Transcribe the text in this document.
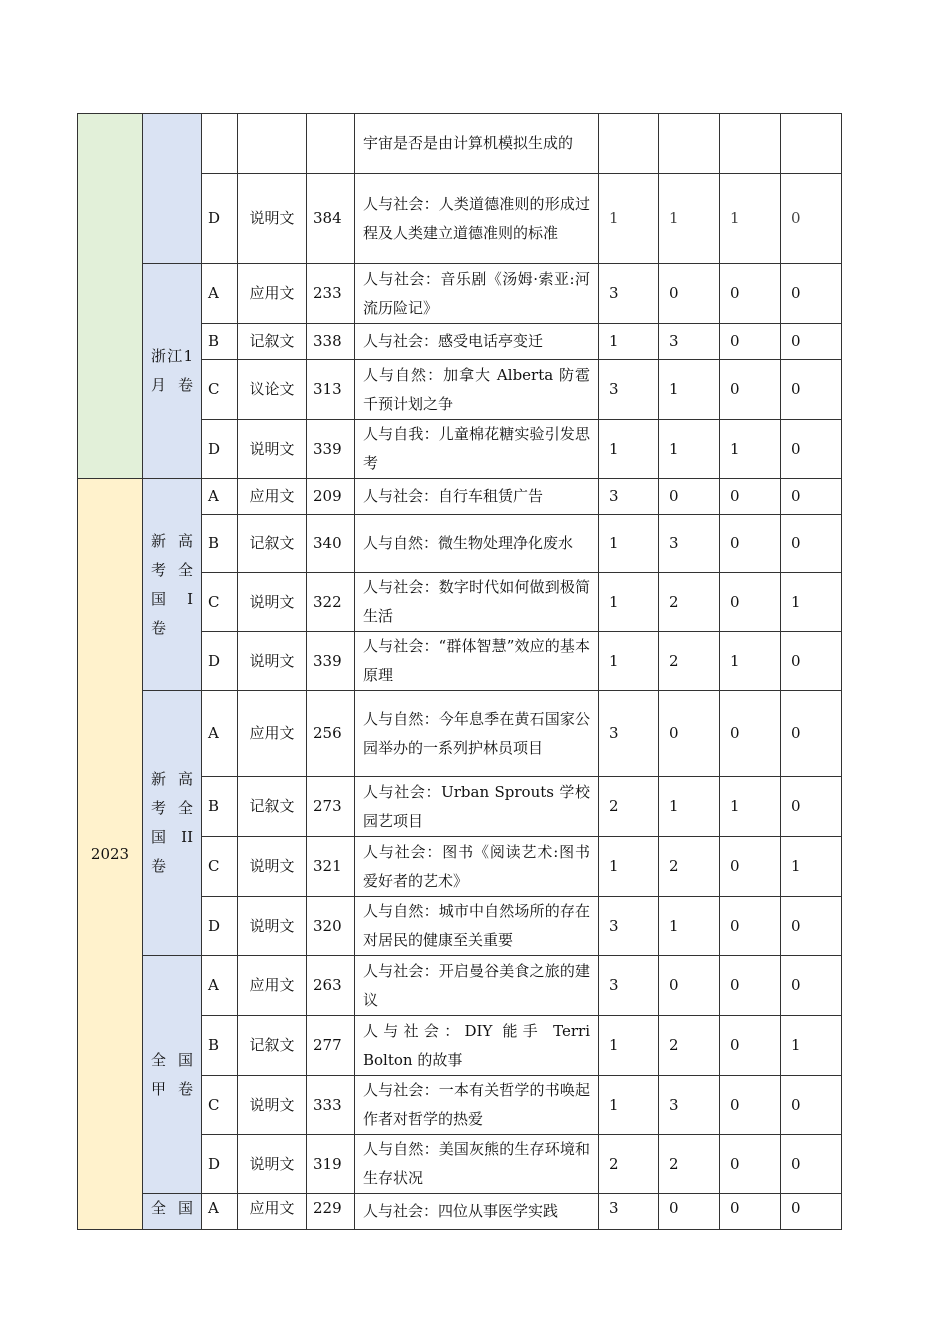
					宇宙是否是由计算机模拟生成的				
		D	说明文	384	人与社会：人类道德准则的形成过程及人类建立道德准则的标准	1	1	1	0
	浙江1月卷	A	应用文	233	人与社会：音乐剧《汤姆·索亚:河流历险记》	3	0	0	0
		B	记叙文	338	人与社会：感受电话亭变迁	1	3	0	0
		C	议论文	313	人与自然：加拿大 Alberta 防雹千预计划之争	3	1	0	0
		D	说明文	339	人与自我：儿童棉花糖实验引发思考	1	1	1	0
2023	新高考全国 I 卷	A	应用文	209	人与社会：自行车租赁广告	3	0	0	0
		B	记叙文	340	人与自然：微生物处理净化废水	1	3	0	0
		C	说明文	322	人与社会：数字时代如何做到极简生活	1	2	0	1
		D	说明文	339	人与社会：“群体智慧”效应的基本原理	1	2	1	0
	新高考全国 II 卷	A	应用文	256	人与自然：今年息季在黄石国家公园举办的一系列护林员项目	3	0	0	0
		B	记叙文	273	人与社会：Urban Sprouts 学校园艺项目	2	1	1	0
		C	说明文	321	人与社会：图书《阅读艺术:图书爱好者的艺术》	1	2	0	1
		D	说明文	320	人与自然：城市中自然场所的存在对居民的健康至关重要	3	1	0	0
	全国甲卷	A	应用文	263	人与社会：开启曼谷美食之旅的建议	3	0	0	0
		B	记叙文	277	人与社会：DIY 能手 Terri Bolton 的故事	1	2	0	1
		C	说明文	333	人与社会：一本有关哲学的书唤起作者对哲学的热爱	1	3	0	0
		D	说明文	319	人与自然：美国灰熊的生存环境和生存状况	2	2	0	0
	全国	A	应用文	229	人与社会：四位从事医学实践	3	0	0	0
